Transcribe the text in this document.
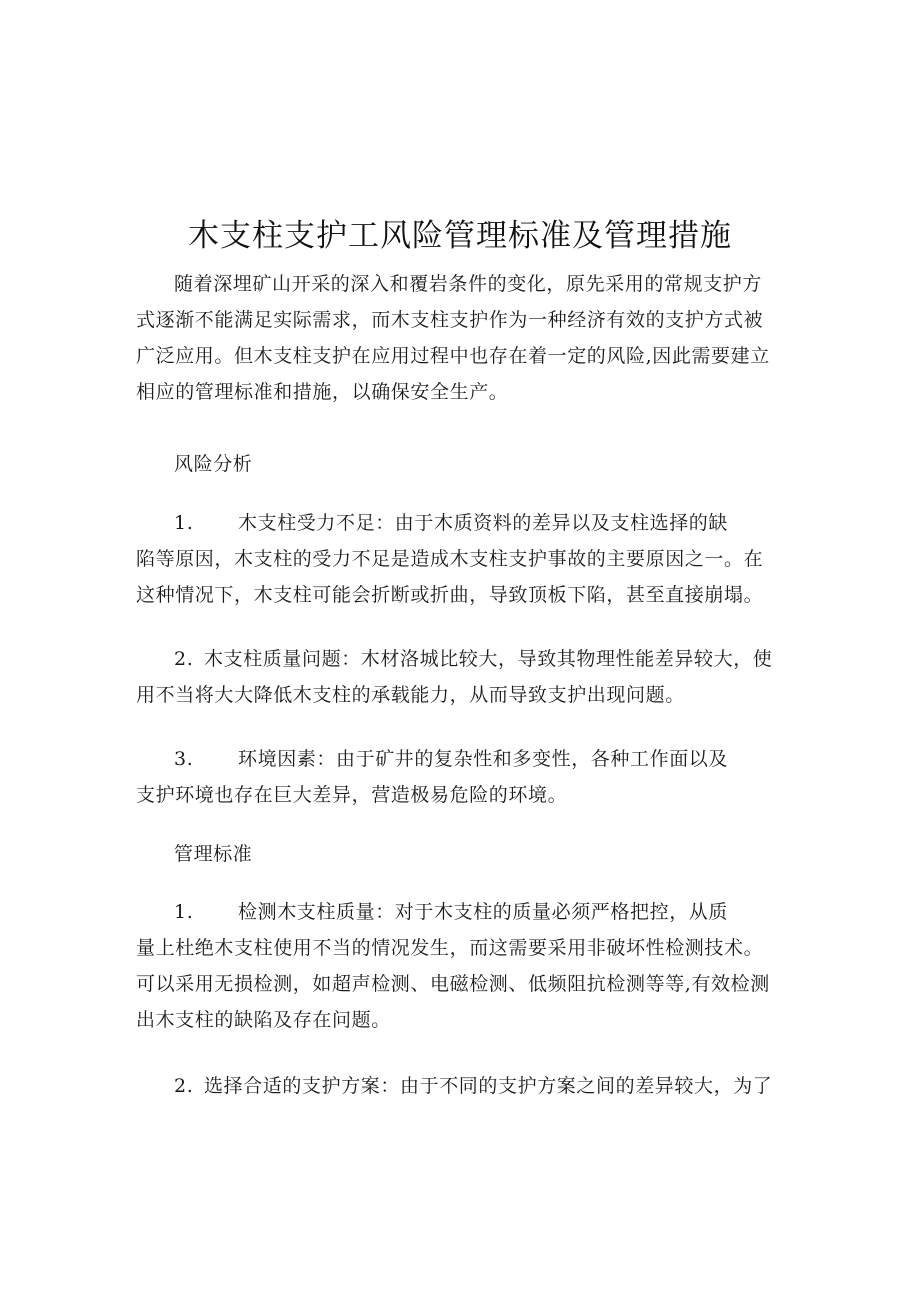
木支柱支护工风险管理标准及管理措施
随着深埋矿山开采的深入和覆岩条件的变化，原先采用的常规支护方
式逐渐不能满足实际需求，而木支柱支护作为一种经济有效的支护方式被
广泛应用。但木支柱支护在应用过程中也存在着一定的风险,因此需要建立
相应的管理标准和措施，以确保安全生产。

风险分析

1. 木支柱受力不足：由于木质资料的差异以及支柱选择的缺
陷等原因，木支柱的受力不足是造成木支柱支护事故的主要原因之一。在
这种情况下，木支柱可能会折断或折曲，导致顶板下陷，甚至直接崩塌。
2. 木支柱质量问题：木材洛城比较大，导致其物理性能差异较大，使
用不当将大大降低木支柱的承载能力，从而导致支护出现问题。
3. 环境因素：由于矿井的复杂性和多变性，各种工作面以及
支护环境也存在巨大差异，营造极易危险的环境。

管理标准

1. 检测木支柱质量：对于木支柱的质量必须严格把控，从质
量上杜绝木支柱使用不当的情况发生，而这需要采用非破坏性检测技术。
可以采用无损检测，如超声检测、电磁检测、低频阻抗检测等等,有效检测
出木支柱的缺陷及存在问题。
2. 选择合适的支护方案：由于不同的支护方案之间的差异较大，为了
